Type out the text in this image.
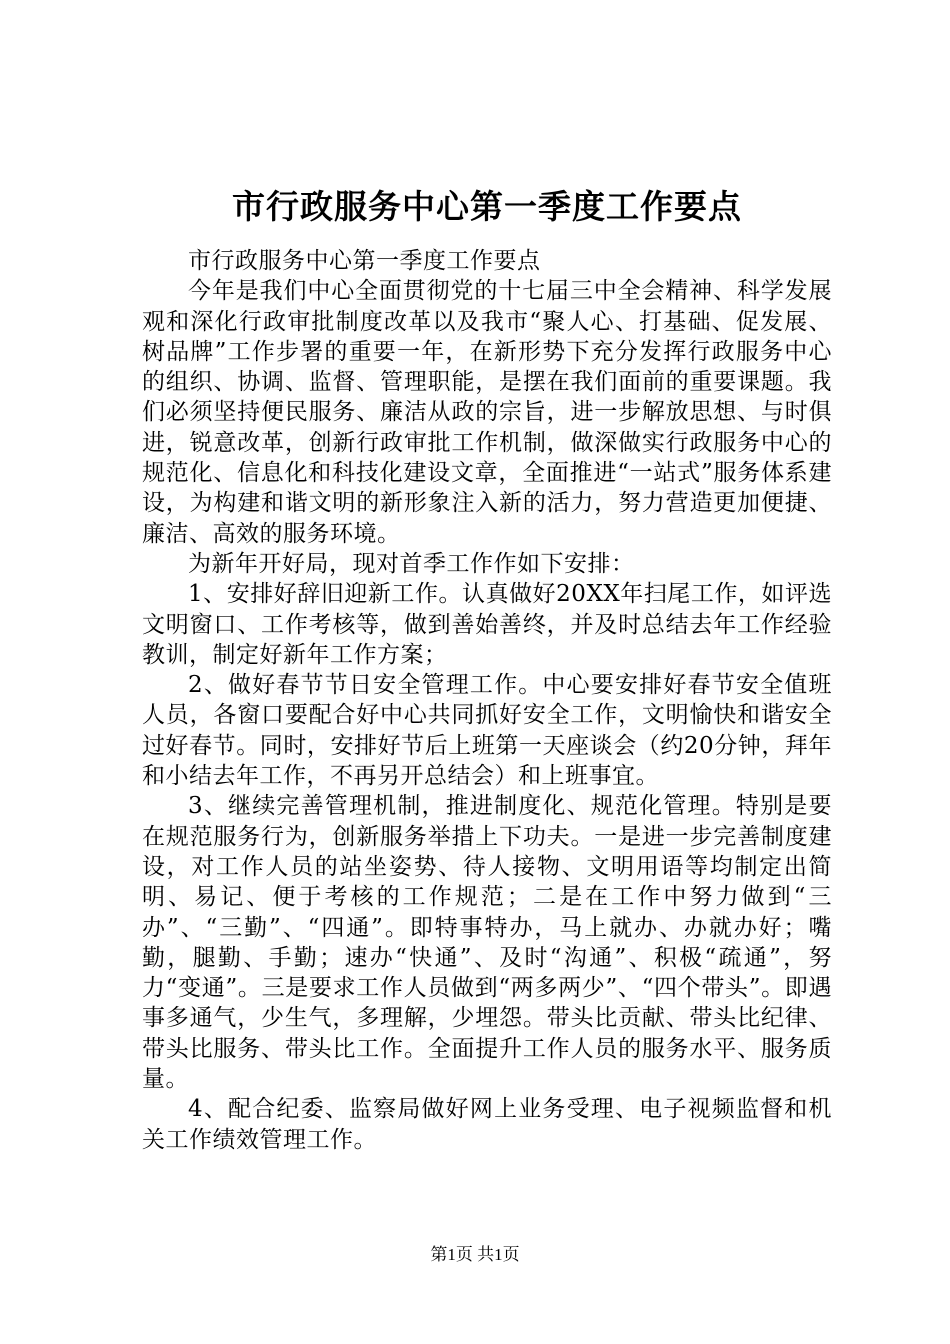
市行政服务中心第一季度工作要点

市行政服务中心第一季度工作要点

今年是我们中心全面贯彻党的十七届三中全会精神、科学发展观和深化行政审批制度改革以及我市“聚人心、打基础、促发展、树品牌”工作步署的重要一年，在新形势下充分发挥行政服务中心的组织、协调、监督、管理职能，是摆在我们面前的重要课题。我们必须坚持便民服务、廉洁从政的宗旨，进一步解放思想、与时俱进，锐意改革，创新行政审批工作机制，做深做实行政服务中心的规范化、信息化和科技化建设文章，全面推进“一站式”服务体系建设，为构建和谐文明的新形象注入新的活力，努力营造更加便捷、廉洁、高效的服务环境。

为新年开好局，现对首季工作作如下安排：

1、安排好辞旧迎新工作。认真做好20XX年扫尾工作，如评选文明窗口、工作考核等，做到善始善终，并及时总结去年工作经验教训，制定好新年工作方案；

2、做好春节节日安全管理工作。中心要安排好春节安全值班人员，各窗口要配合好中心共同抓好安全工作，文明愉快和谐安全过好春节。同时，安排好节后上班第一天座谈会（约20分钟，拜年和小结去年工作，不再另开总结会）和上班事宜。

3、继续完善管理机制，推进制度化、规范化管理。特别是要在规范服务行为，创新服务举措上下功夫。一是进一步完善制度建设，对工作人员的站坐姿势、待人接物、文明用语等均制定出简明、易记、便于考核的工作规范；二是在工作中努力做到“三办”、“三勤”、“四通”。即特事特办，马上就办、办就办好；嘴勤，腿勤、手勤；速办“快通”、及时“沟通”、积极“疏通”，努力“变通”。三是要求工作人员做到“两多两少”、“四个带头”。即遇事多通气，少生气，多理解，少埋怨。带头比贡献、带头比纪律、带头比服务、带头比工作。全面提升工作人员的服务水平、服务质量。

4、配合纪委、监察局做好网上业务受理、电子视频监督和机关工作绩效管理工作。

第1页 共1页
